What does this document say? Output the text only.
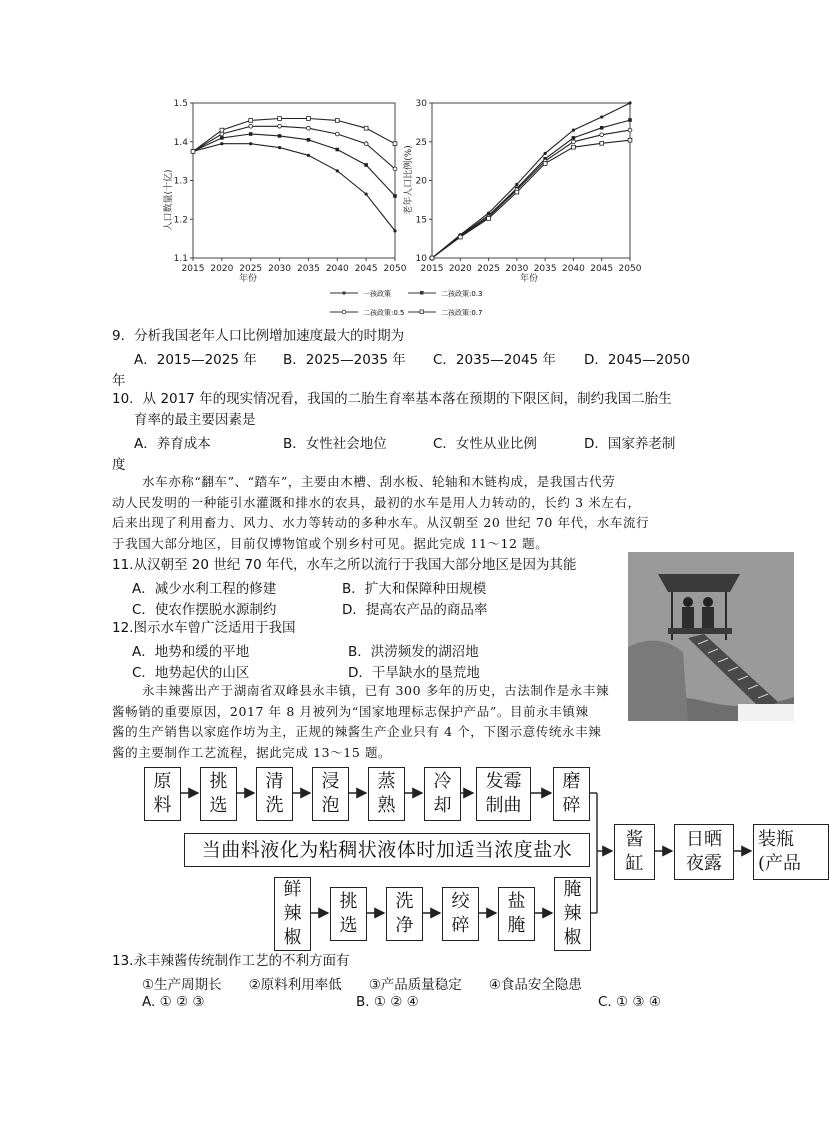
1.1
1.2
1.3
1.4
1.5
2015 2020 2025 2030 2035 2040 2045 2050
年份
人口数量(十亿)
10
15
20
25
30
2015 2020 2025 2030 2035 2040 2045 2050
年份
老年人口比例(%)
一孩政策	二孩政策:0.3
二孩政策:0.5	二孩政策:0.7
9．分析我国老年人口比例增加速度最大的时期为
A．2015—2025 年 B．2025—2035 年 C．2035—2045 年 D．2045—2050
年
10．从 2017 年的现实情况看，我国的二胎生育率基本落在预期的下限区间，制约我国二胎生
育率的最主要因素是
A．养育成本	B．女性社会地位	C．女性从业比例	D．国家养老制
度
水车亦称“翻车”、“踏车”，主要由木槽、刮水板、轮轴和木链构成，是我国古代劳
动人民发明的一种能引水灌溉和排水的农具，最初的水车是用人力转动的，长约 3 米左右，
后来出现了利用畜力、风力、水力等转动的多种水车。从汉朝至 20 世纪 70 年代，水车流行
于我国大部分地区，目前仅博物馆或个别乡村可见。据此完成 11～12 题。
11.从汉朝至 20 世纪 70 年代，水车之所以流行于我国大部分地区是因为其能
A．减少水利工程的修建	B．扩大和保障种田规模
C．使农作摆脱水源制约	D．提高农产品的商品率
12.图示水车曾广泛适用于我国
A．地势和缓的平地	B．洪涝频发的湖沼地
C．地势起伏的山区	D．干旱缺水的垦荒地
永丰辣酱出产于湖南省双峰县永丰镇，已有 300 多年的历史，古法制作是永丰辣
酱畅销的重要原因，2017 年 8 月被列为“国家地理标志保护产品”。目前永丰镇辣
酱的生产销售以家庭作坊为主，正规的辣酱生产企业只有 4 个，下图示意传统永丰辣
酱的主要制作工艺流程，据此完成 13～15 题。
原
料
挑
选
清
洗
浸
泡
蒸
熟
冷
却
发霉
制曲
磨
碎
当曲料液化为粘稠状液体时加适当浓度盐水
鲜
辣
椒
挑
选
洗
净
绞
碎
盐
腌
腌
辣
椒
酱
缸
日晒
夜露
装瓶
(产品
13.永丰辣酱传统制作工艺的不利方面有
①生产周期长　　②原料利用率低　　③产品质量稳定　　④食品安全隐患
A. ① ② ③	B. ① ② ④	C. ① ③ ④
